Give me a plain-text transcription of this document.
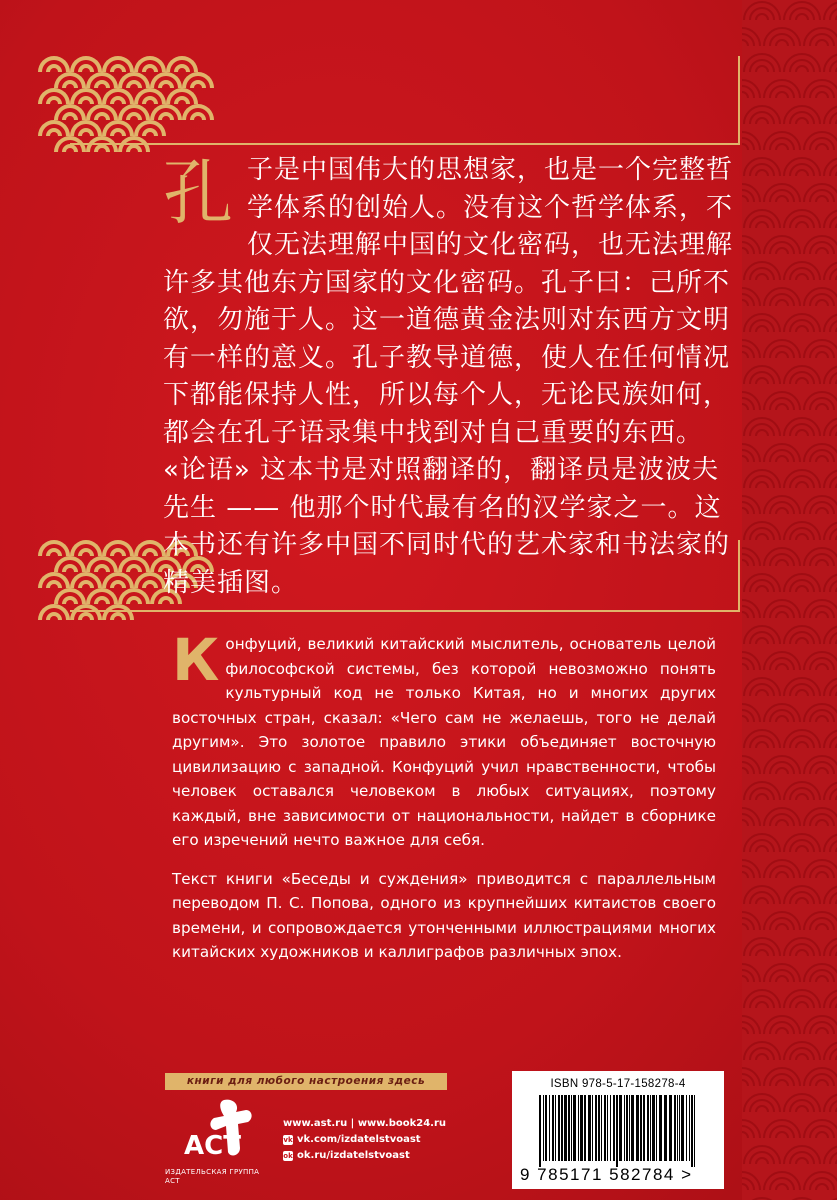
孔 子是中国伟大的思想家，也是一个完整哲学体系的创始人。没有这个哲学体系，不仅无法理解中国的文化密码，也无法理解许多其他东方国家的文化密码。孔子曰：己所不欲，勿施于人。这一道德黄金法则对东西方文明有一样的意义。孔子教导道德，使人在任何情况下都能保持人性，所以每个人，无论民族如何，都会在孔子语录集中找到对自己重要的东西。

«论语» 这本书是对照翻译的，翻译员是波波夫先生 —— 他那个时代最有名的汉学家之一。这本书还有许多中国不同时代的艺术家和书法家的精美插图。

Конфуций, великий китайский мыслитель, основатель целой философской системы, без которой невозможно понять культурный код не только Китая, но и многих других восточных стран, сказал: «Чего сам не желаешь, того не делай другим». Это золотое правило этики объединяет восточную цивилизацию с западной. Конфуций учил нравственности, чтобы человек оставался человеком в любых ситуациях, поэтому каждый, вне зависимости от национальности, найдет в сборнике его изречений нечто важное для себя.

Текст книги «Беседы и суждения» приводится с параллельным переводом П. С. Попова, одного из крупнейших китаистов своего времени, и сопровождается утонченными иллюстрациями многих китайских художников и каллиграфов различных эпох.

книги для любого настроения здесь
ACT
ИЗДАТЕЛЬСКАЯ ГРУППА АСТ
www.ast.ru | www.book24.ru
vk vk.com/izdatelstvoast
ok ok.ru/izdatelstvoast
ISBN 978-5-17-158278-4
9 785171 582784 >
